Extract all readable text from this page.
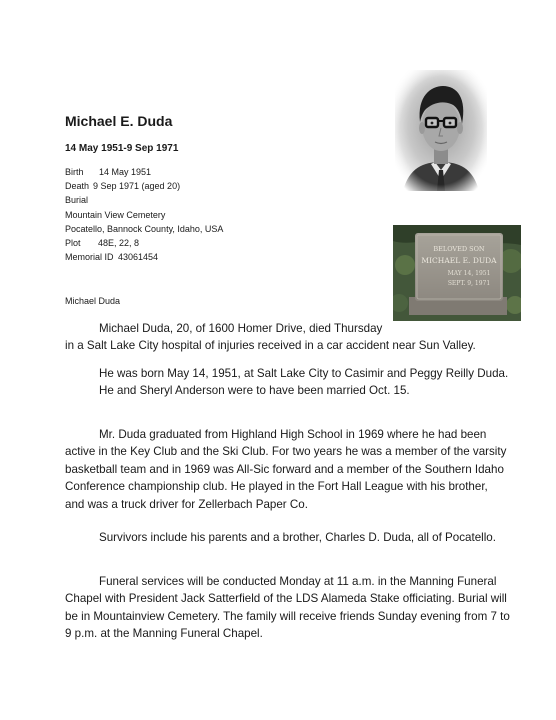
Michael E. Duda
14 May 1951-9 Sep 1971
Birth 14 May 1951
Death 9 Sep 1971 (aged 20)
Burial
Mountain View Cemetery
Pocatello, Bannock County, Idaho, USA
Plot 48E, 22, 8
Memorial ID 43061454
BELOVED SON
MICHAEL E. DUDA
MAY 14, 1951
SEPT. 9, 1971
Michael Duda

Michael Duda, 20, of 1600 Homer Drive, died Thursday

in a Salt Lake City hospital of injuries received in a car accident near Sun Valley.

He was born May 14, 1951, at Salt Lake City to Casimir and Peggy Reilly Duda.

He and Sheryl Anderson were to have been married Oct. 15.

Mr. Duda graduated from Highland High School in 1969 where he had been active in the Key Club and the Ski Club. For two years he was a member of the varsity basketball team and in 1969 was All-Sic forward and a member of the Southern Idaho Conference championship club. He played in the Fort Hall League with his brother, and was a truck driver for Zellerbach Paper Co.

Survivors include his parents and a brother, Charles D. Duda, all of Pocatello.

Funeral services will be conducted Monday at 11 a.m. in the Manning Funeral Chapel with President Jack Satterfield of the LDS Alameda Stake officiating. Burial will be in Mountainview Cemetery. The family will receive friends Sunday evening from 7 to 9 p.m. at the Manning Funeral Chapel.
